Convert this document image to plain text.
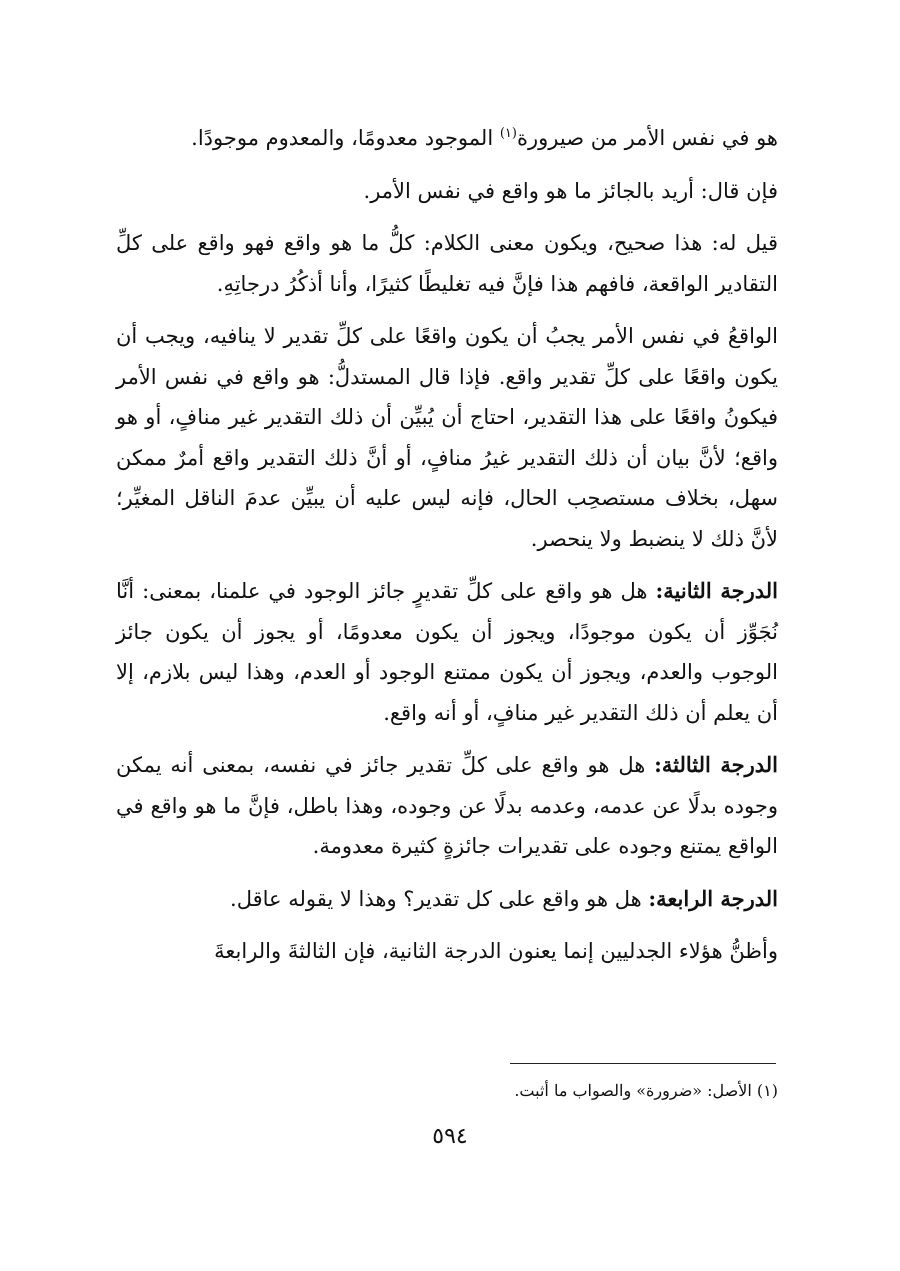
هو في نفس الأمر من صيرورة$^{(١)}$ الموجود معدومًا، والمعدوم موجودًا.

فإن قال: أريد بالجائز ما هو واقع في نفس الأمر.

قيل له: هذا صحيح، ويكون معنى الكلام: كلُّ ما هو واقع فهو واقع على كلِّ التقادير الواقعة، فافهم هذا فإنَّ فيه تغليطًا كثيرًا، وأنا أذكُرُ درجاتِهِ.

الواقعُ في نفس الأمر يجبُ أن يكون واقعًا على كلِّ تقدير لا ينافيه، ويجب أن يكون واقعًا على كلِّ تقدير واقع. فإذا قال المستدلُّ: هو واقع في نفس الأمر فيكونُ واقعًا على هذا التقدير، احتاج أن يُبيِّن أن ذلك التقدير غير منافٍ، أو هو واقع؛ لأنَّ بيان أن ذلك التقدير غيرُ منافٍ، أو أنَّ ذلك التقدير واقع أمرٌ ممكن سهل، بخلاف مستصحِب الحال، فإنه ليس عليه أن يبيِّن عدمَ الناقل المغيِّر؛ لأنَّ ذلك لا ينضبط ولا ينحصر.

الدرجة الثانية: هل هو واقع على كلِّ تقديرٍ جائز الوجود في علمنا، بمعنى: أنَّا نُجَوِّز أن يكون موجودًا، ويجوز أن يكون معدومًا، أو يجوز أن يكون جائز الوجوب والعدم، ويجوز أن يكون ممتنع الوجود أو العدم، وهذا ليس بلازم، إلا أن يعلم أن ذلك التقدير غير منافٍ، أو أنه واقع.

الدرجة الثالثة: هل هو واقع على كلِّ تقدير جائز في نفسه، بمعنى أنه يمكن وجوده بدلًا عن عدمه، وعدمه بدلًا عن وجوده، وهذا باطل، فإنَّ ما هو واقع في الواقع يمتنع وجوده على تقديرات جائزةٍ كثيرة معدومة.

الدرجة الرابعة: هل هو واقع على كل تقدير؟ وهذا لا يقوله عاقل.

وأظنُّ هؤلاء الجدليين إنما يعنون الدرجة الثانية، فإن الثالثةَ والرابعةَ

(١) الأصل: «ضرورة» والصواب ما أثبت.
٥٩٤
